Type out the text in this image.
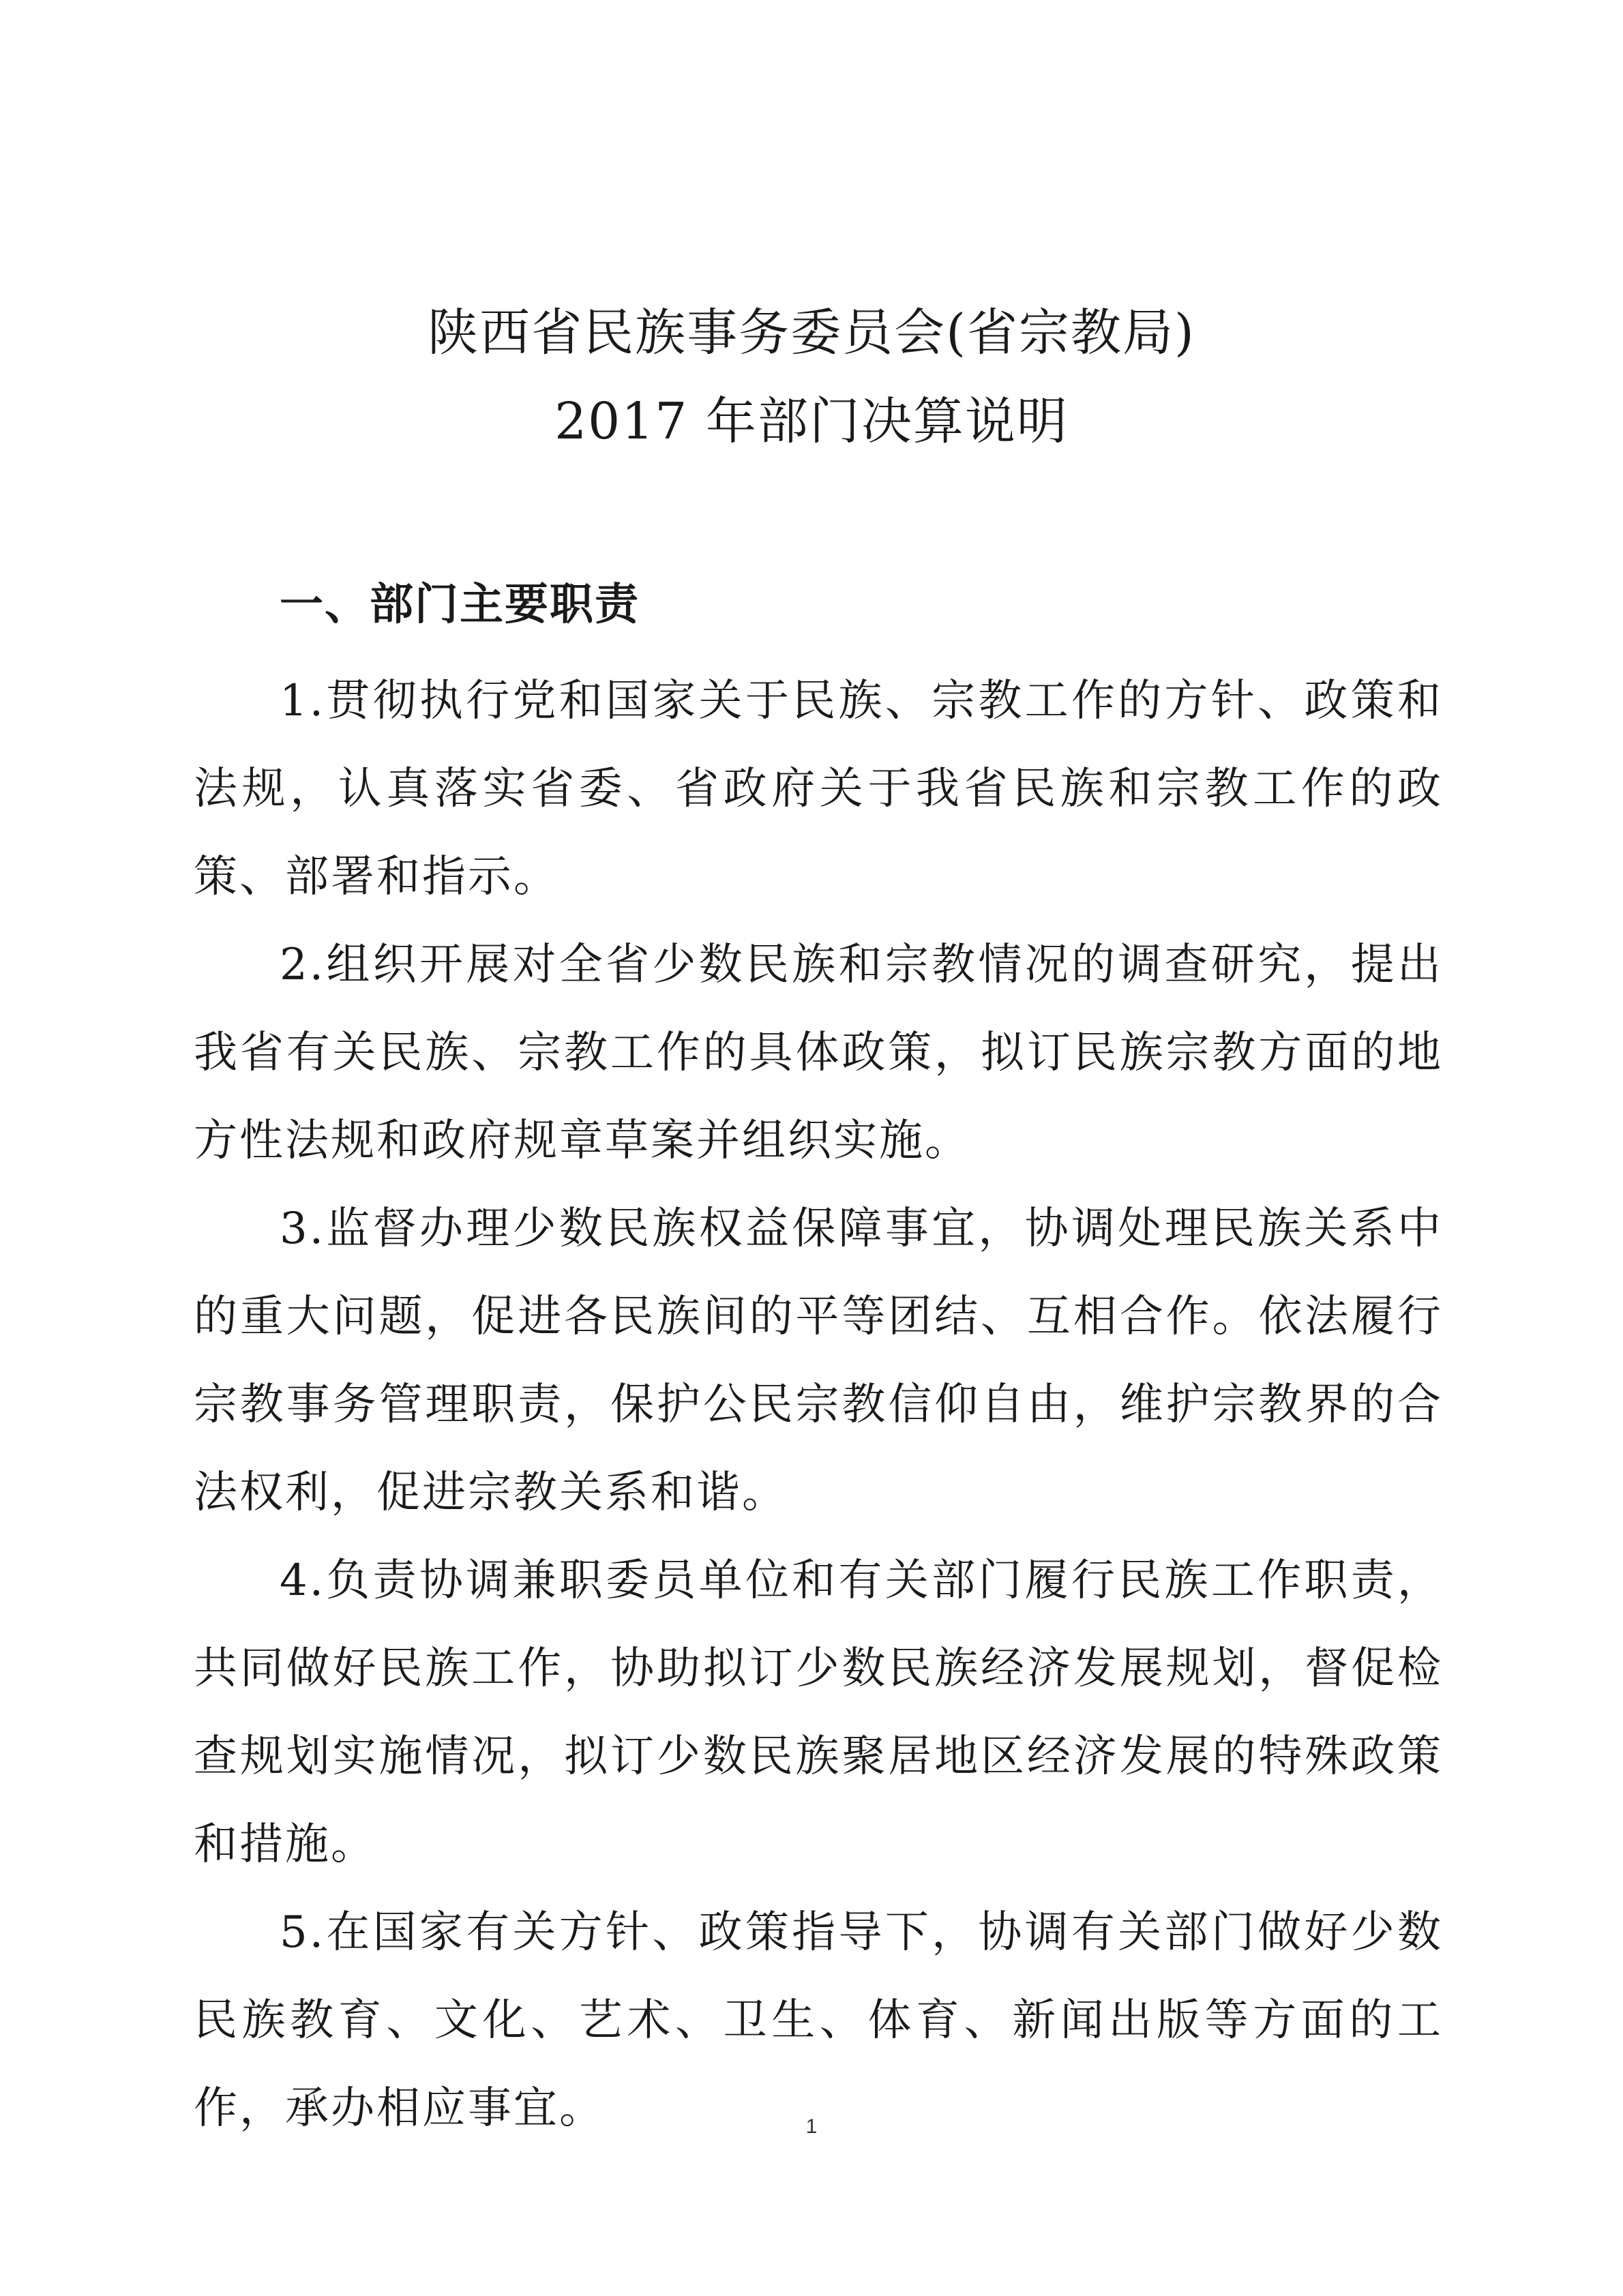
陕西省民族事务委员会(省宗教局)
2017 年部门决算说明
一、部门主要职责

1.贯彻执行党和国家关于民族、宗教工作的方针、政策和法规，认真落实省委、省政府关于我省民族和宗教工作的政策、部署和指示。

2.组织开展对全省少数民族和宗教情况的调查研究，提出我省有关民族、宗教工作的具体政策，拟订民族宗教方面的地方性法规和政府规章草案并组织实施。

3.监督办理少数民族权益保障事宜，协调处理民族关系中的重大问题，促进各民族间的平等团结、互相合作。依法履行宗教事务管理职责，保护公民宗教信仰自由，维护宗教界的合法权利，促进宗教关系和谐。

4.负责协调兼职委员单位和有关部门履行民族工作职责，共同做好民族工作，协助拟订少数民族经济发展规划，督促检查规划实施情况，拟订少数民族聚居地区经济发展的特殊政策和措施。

5.在国家有关方针、政策指导下，协调有关部门做好少数民族教育、文化、艺术、卫生、体育、新闻出版等方面的工作，承办相应事宜。	1
